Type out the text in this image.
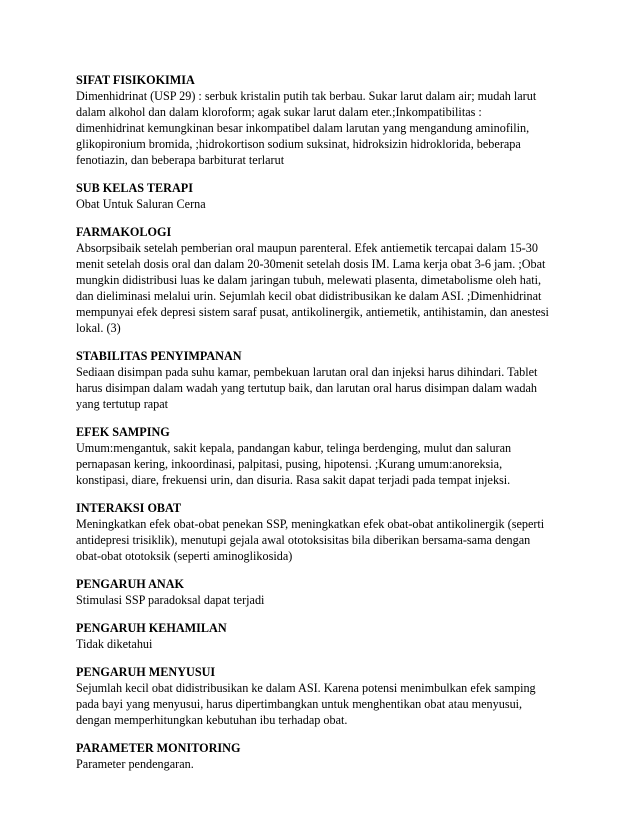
SIFAT FISIKOKIMIA
Dimenhidrinat (USP 29) : serbuk kristalin putih tak berbau. Sukar larut dalam air; mudah larut
dalam alkohol dan dalam kloroform; agak sukar larut dalam eter.;Inkompatibilitas :
dimenhidrinat kemungkinan besar inkompatibel dalam larutan yang mengandung aminofilin,
glikopironium bromida, ;hidrokortison sodium suksinat, hidroksizin hidroklorida, beberapa
fenotiazin, dan beberapa barbiturat terlarut
SUB KELAS TERAPI
Obat Untuk Saluran Cerna
FARMAKOLOGI
Absorpsibaik setelah pemberian oral maupun parenteral. Efek antiemetik tercapai dalam 15-30
menit setelah dosis oral dan dalam 20-30menit setelah dosis IM. Lama kerja obat 3-6 jam. ;Obat
mungkin didistribusi luas ke dalam jaringan tubuh, melewati plasenta, dimetabolisme oleh hati,
dan dieliminasi melalui urin. Sejumlah kecil obat didistribusikan ke dalam ASI. ;Dimenhidrinat
mempunyai efek depresi sistem saraf pusat, antikolinergik, antiemetik, antihistamin, dan anestesi
lokal. (3)
STABILITAS PENYIMPANAN
Sediaan disimpan pada suhu kamar, pembekuan larutan oral dan injeksi harus dihindari. Tablet
harus disimpan dalam wadah yang tertutup baik, dan larutan oral harus disimpan dalam wadah
yang tertutup rapat
EFEK SAMPING
Umum:mengantuk, sakit kepala, pandangan kabur, telinga berdenging, mulut dan saluran
pernapasan kering, inkoordinasi, palpitasi, pusing, hipotensi. ;Kurang umum:anoreksia,
konstipasi, diare, frekuensi urin, dan disuria. Rasa sakit dapat terjadi pada tempat injeksi.
INTERAKSI OBAT
Meningkatkan efek obat-obat penekan SSP, meningkatkan efek obat-obat antikolinergik (seperti
antidepresi trisiklik), menutupi gejala awal ototoksisitas bila diberikan bersama-sama dengan
obat-obat ototoksik (seperti aminoglikosida)
PENGARUH ANAK
Stimulasi SSP paradoksal dapat terjadi
PENGARUH KEHAMILAN
Tidak diketahui
PENGARUH MENYUSUI
Sejumlah kecil obat didistribusikan ke dalam ASI. Karena potensi menimbulkan efek samping
pada bayi yang menyusui, harus dipertimbangkan untuk menghentikan obat atau menyusui,
dengan memperhitungkan kebutuhan ibu terhadap obat.
PARAMETER MONITORING
Parameter pendengaran.
